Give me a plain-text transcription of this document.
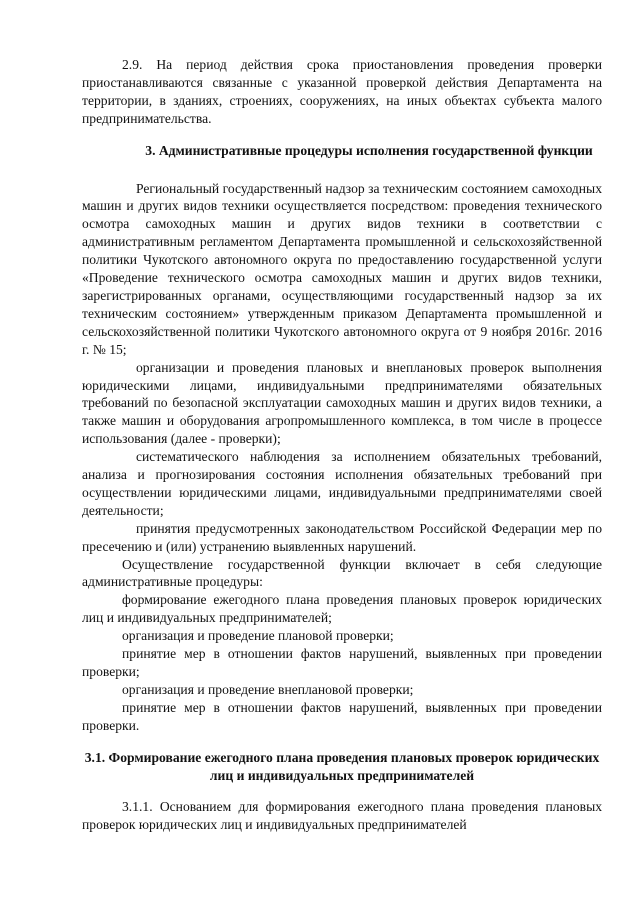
2.9. На период действия срока приостановления проведения проверки приостанавливаются связанные с указанной проверкой действия Департамента на территории, в зданиях, строениях, сооружениях, на иных объектах субъекта малого предпринимательства.

3. Административные процедуры исполнения государственной функции

Региональный государственный надзор за техническим состоянием самоходных машин и других видов техники осуществляется посредством: проведения технического осмотра самоходных машин и других видов техники в соответствии с административным регламентом Департамента промышленной и сельскохозяйственной политики Чукотского автономного округа по предоставлению государственной услуги «Проведение технического осмотра самоходных машин и других видов техники, зарегистрированных органами, осуществляющими государственный надзор за их техническим состоянием» утвержденным приказом Департамента промышленной и сельскохозяйственной политики Чукотского автономного округа от 9 ноября 2016г. 2016 г. № 15;

организации и проведения плановых и внеплановых проверок выполнения юридическими лицами, индивидуальными предпринимателями обязательных требований по безопасной эксплуатации самоходных машин и других видов техники, а также машин и оборудования агропромышленного комплекса, в том числе в процессе использования (далее - проверки);

систематического наблюдения за исполнением обязательных требований, анализа и прогнозирования состояния исполнения обязательных требований при осуществлении юридическими лицами, индивидуальными предпринимателями своей деятельности;

принятия предусмотренных законодательством Российской Федерации мер по пресечению и (или) устранению выявленных нарушений.

Осуществление государственной функции включает в себя следующие административные процедуры:

формирование ежегодного плана проведения плановых проверок юридических лиц и индивидуальных предпринимателей;

организация и проведение плановой проверки;

принятие мер в отношении фактов нарушений, выявленных при проведении проверки;

организация и проведение внеплановой проверки;

принятие мер в отношении фактов нарушений, выявленных при проведении проверки.

3.1. Формирование ежегодного плана проведения плановых проверок юридических лиц и индивидуальных предпринимателей

3.1.1. Основанием для формирования ежегодного плана проведения плановых проверок юридических лиц и индивидуальных предпринимателей
